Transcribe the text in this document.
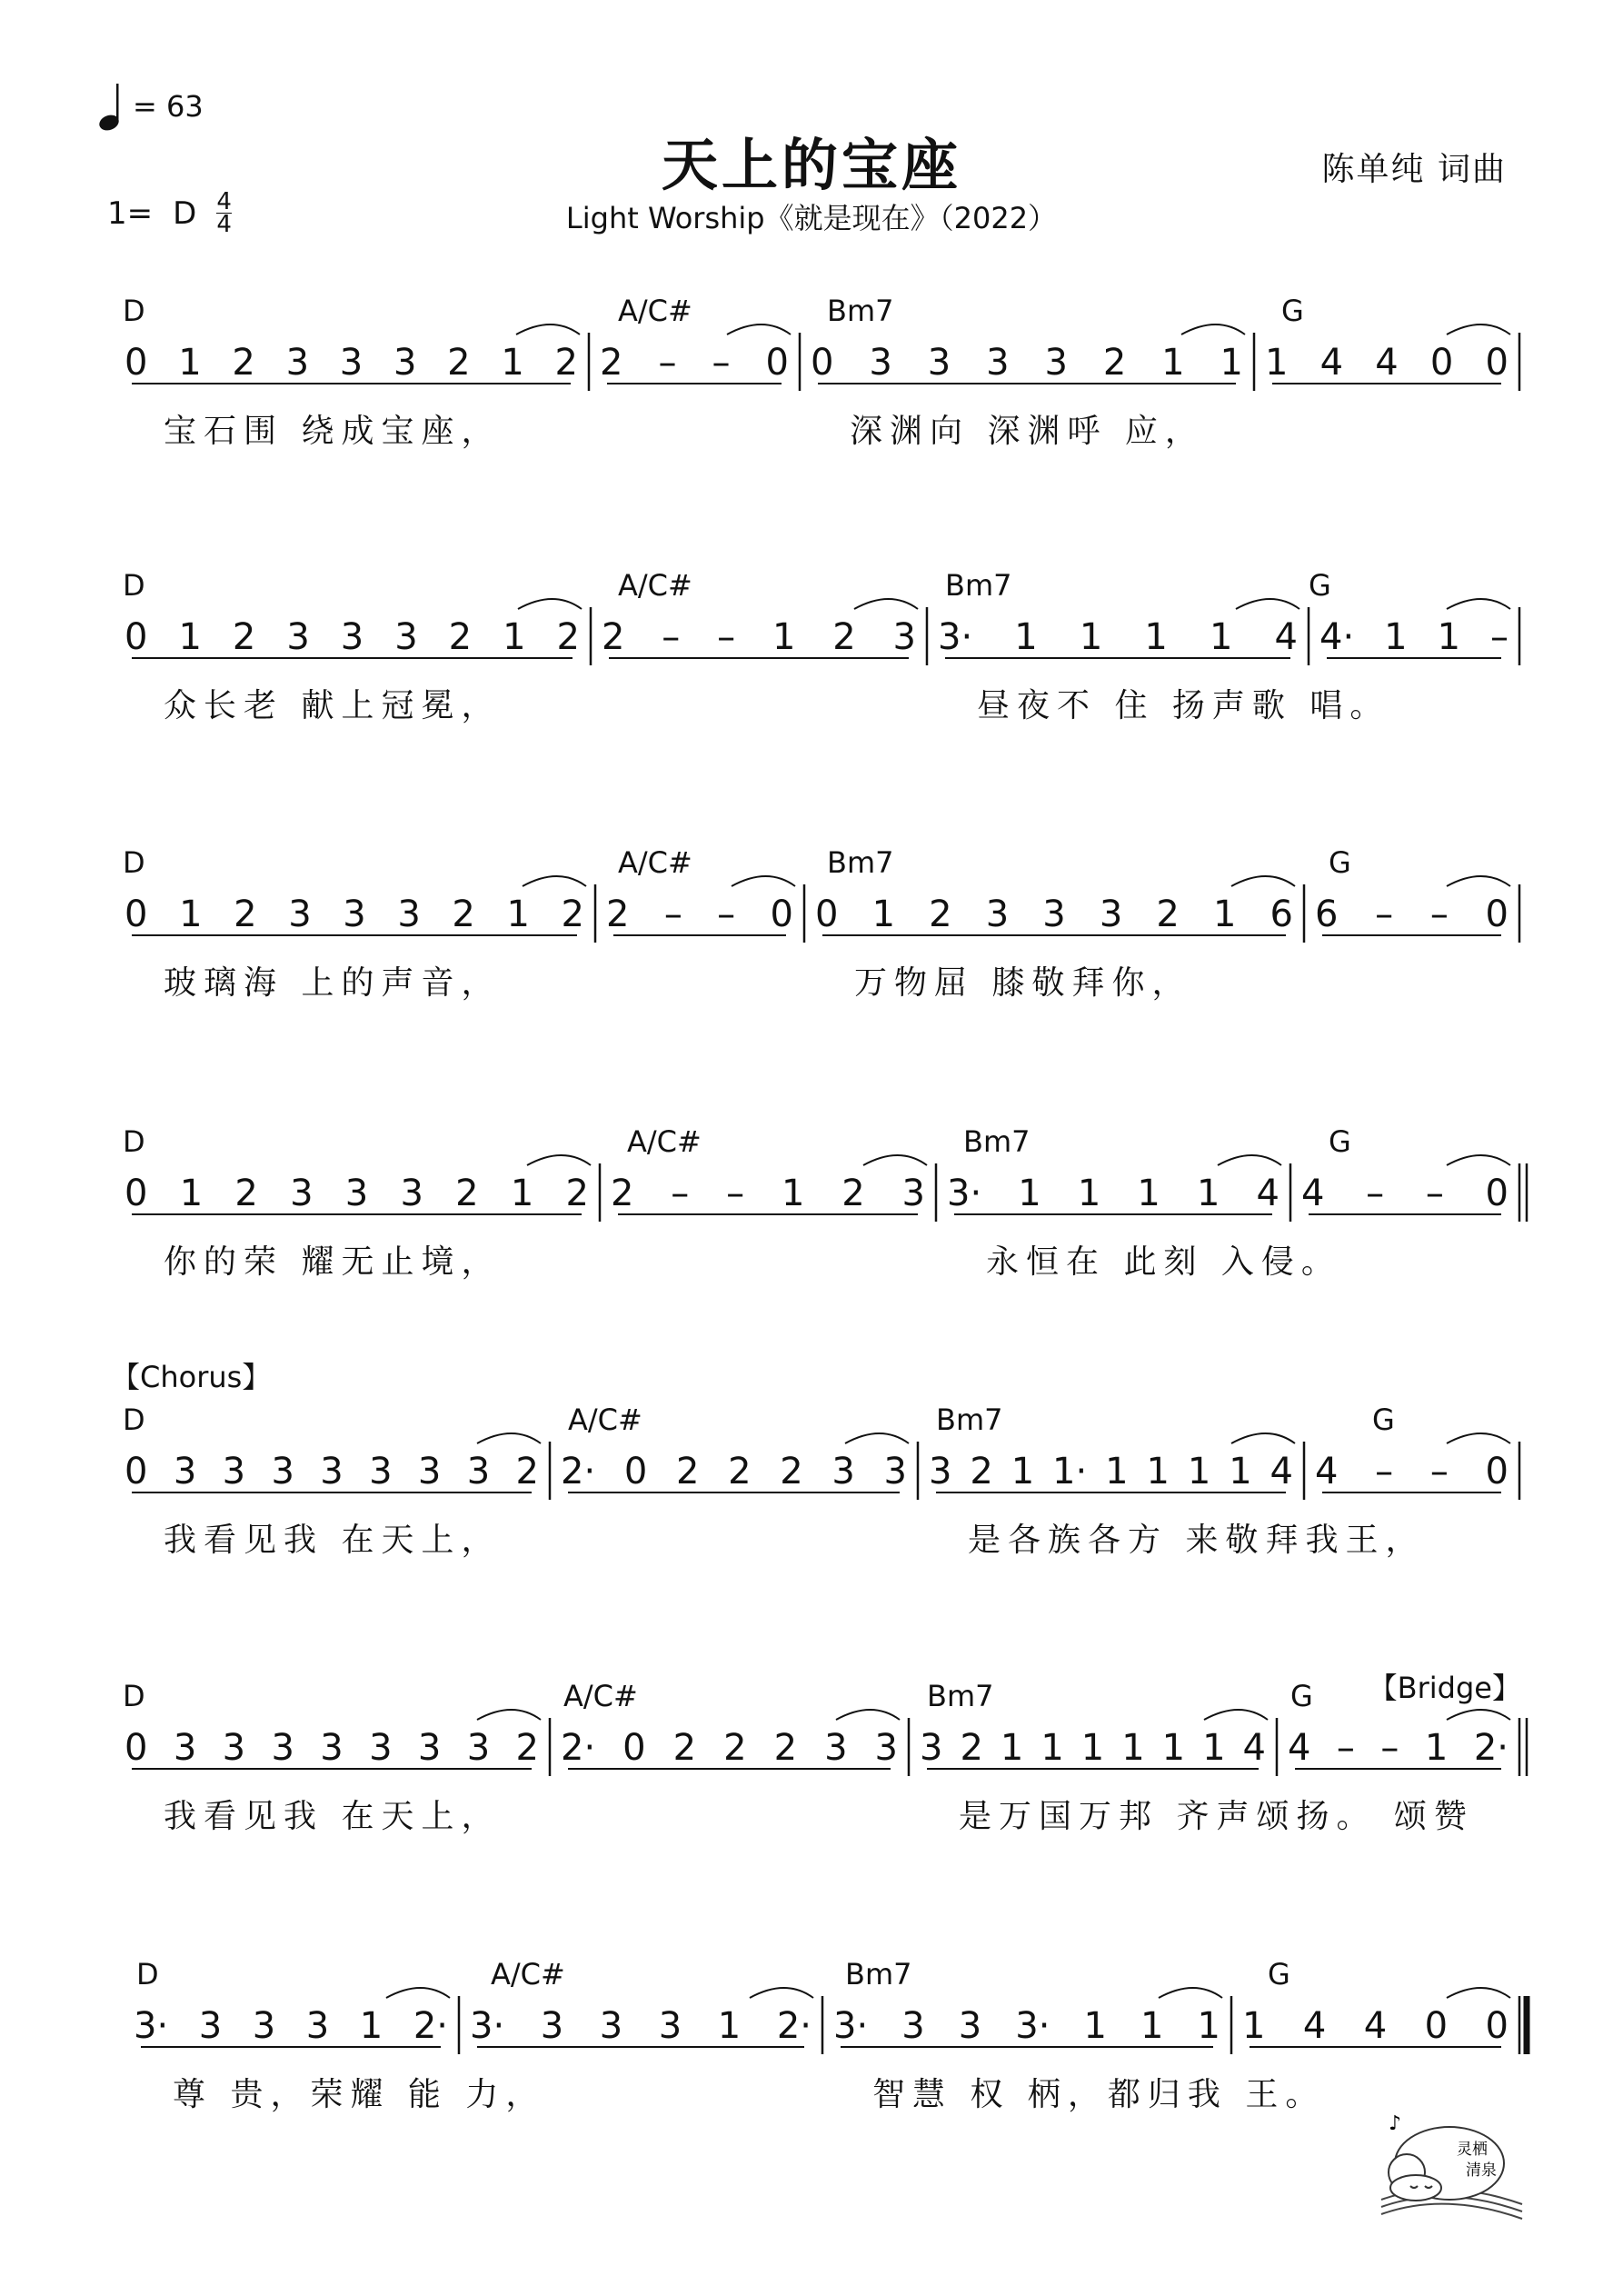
= 63
天上的宝座
Light Worship《就是现在》（2022）
陈单纯 词曲
1= D 4
4
D	A/C#	Bm7	G
0 1 2 3 3 3 2 1 2 2 – – 0 0 3 3 3 3 2 1 1 1 4 4 0 0
宝石围 绕成宝座，	深渊向 深渊呼 应，
D	A/C#	Bm7	G
0 1 2 3 3 3 2 1 2 2 – – 1 2 3 3· 1 1 1 1 4 4· 1 1 –
众长老 献上冠冕，	昼夜不 住 扬声歌 唱。
D	A/C#	Bm7	G
0 1 2 3 3 3 2 1 2 2 – – 0 0 1 2 3 3 3 2 1 6 6 – – 0
玻璃海 上的声音，	万物屈 膝敬拜你，
D	A/C#	Bm7	G
0 1 2 3 3 3 2 1 2 2 – – 1 2 3 3· 1 1 1 1 4 4 – – 0
你的荣 耀无止境，	永恒在 此刻 入侵。
【Chorus】
D	A/C#	Bm7	G
0 3 3 3 3 3 3 3 2 2· 0 2 2 2 3 3 3 2 1 1· 1 1 1 1 4 4 – – 0
我看见我 在天上，	是各族各方 来敬拜我王，
【Bridge】
D	A/C#	Bm7	G
0 3 3 3 3 3 3 3 2 2· 0 2 2 2 3 3 3 2 1 1 1 1 1 1 4 4 – – 1 2·
我看见我 在天上，	是万国万邦 齐声颂扬。 颂赞
D	A/C#	Bm7	G
3· 3 3 3 1 2· 3· 3 3 3 1 2· 3· 3 3 3· 1 1 1 1 4 4 0 0
尊 贵，荣耀 能 力，	智慧 权 柄，都归我 王。
♪
灵栖
清泉
